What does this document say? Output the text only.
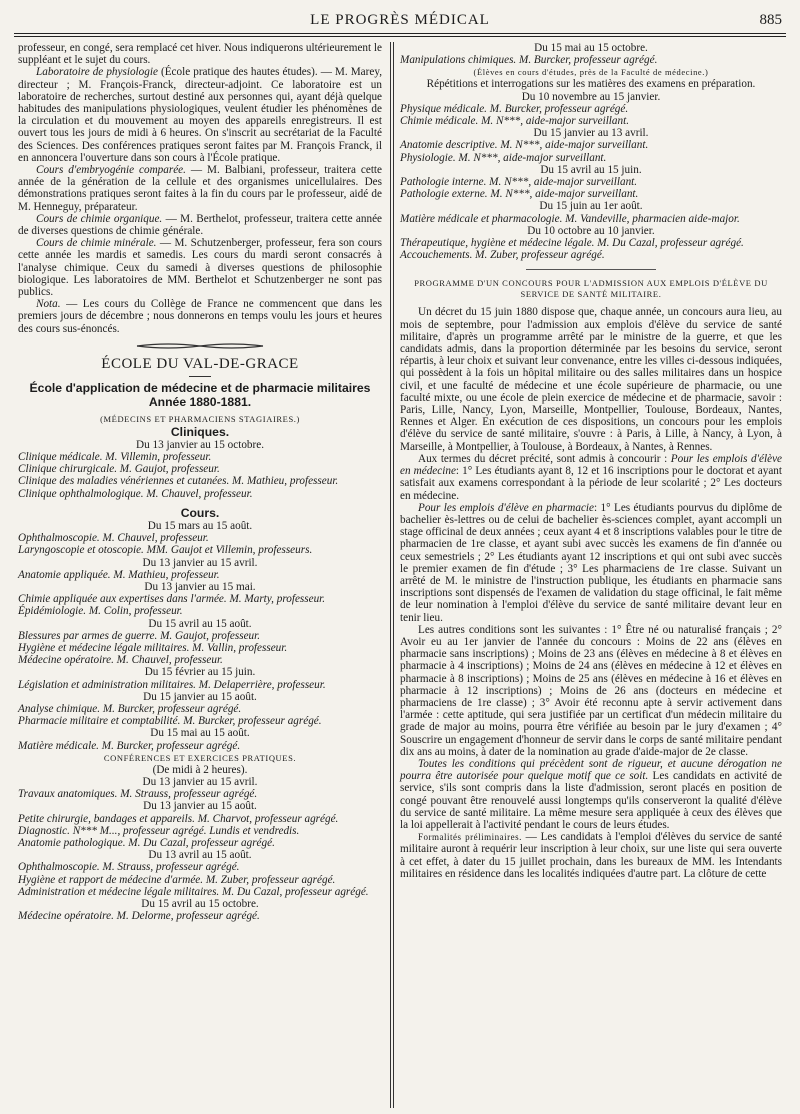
LE PROGRÈS MÉDICAL	885

professeur, en congé, sera remplacé cet hiver. Nous indiquerons ultérieurement le suppléant et le sujet du cours.

Laboratoire de physiologie (École pratique des hautes études). — M. Marey, directeur ; M. François-Franck, directeur-adjoint. Ce laboratoire est un laboratoire de recherches, surtout destiné aux personnes qui, ayant déjà quelque habitudes des manipulations physiologiques, veulent étudier les phénomènes de la circulation et du mouvement au moyen des appareils enregistreurs. Il est ouvert tous les jours de midi à 6 heures. On s'inscrit au secrétariat de la Faculté des Sciences. Des conférences pratiques seront faites par M. François Franck, il en annoncera l'ouverture dans son cours à l'École pratique.

Cours d'embryogénie comparée. — M. Balbiani, professeur, traitera cette année de la génération de la cellule et des organismes unicellulaires. Des démonstrations pratiques seront faites à la fin du cours par le professeur, aidé de M. Henneguy, préparateur.

Cours de chimie organique. — M. Berthelot, professeur, traitera cette année de diverses questions de chimie générale.

Cours de chimie minérale. — M. Schutzenberger, professeur, fera son cours cette année les mardis et samedis. Les cours du mardi seront consacrés à l'analyse chimique. Ceux du samedi à diverses questions de philosophie biologique. Les laboratoires de MM. Berthelot et Schutzenberger ne sont pas publics.

Nota. — Les cours du Collège de France ne commencent que dans les premiers jours de décembre ; nous donnerons en temps voulu les jours et heures des cours sus-énoncés.

ÉCOLE DU VAL-DE-GRACE

École d'application de médecine et de pharmacie militaires Année 1880-1881.

(MÉDECINS ET PHARMACIENS STAGIAIRES.)

Cliniques.

Du 13 janvier au 15 octobre.

Clinique médicale. M. Villemin, professeur.

Clinique chirurgicale. M. Gaujot, professeur.

Clinique des maladies vénériennes et cutanées. M. Mathieu, professeur.

Clinique ophthalmologique. M. Chauvel, professeur.

Cours.

Du 15 mars au 15 août.

Ophthalmoscopie. M. Chauvel, professeur.

Laryngoscopie et otoscopie. MM. Gaujot et Villemin, professeurs.

Du 13 janvier au 15 avril.

Anatomie appliquée. M. Mathieu, professeur.

Du 13 janvier au 15 mai.

Chimie appliquée aux expertises dans l'armée. M. Marty, professeur.

Épidémiologie. M. Colin, professeur.

Du 15 avril au 15 août.

Blessures par armes de guerre. M. Gaujot, professeur.

Hygiène et médecine légale militaires. M. Vallin, professeur.

Médecine opératoire. M. Chauvel, professeur.

Du 15 février au 15 juin.

Législation et administration militaires. M. Delaperrière, professeur.

Du 15 janvier au 15 août.

Analyse chimique. M. Burcker, professeur agrégé.

Pharmacie militaire et comptabilité. M. Burcker, professeur agrégé.

Du 15 mai au 15 août.

Matière médicale. M. Burcker, professeur agrégé.

CONFÉRENCES ET EXERCICES PRATIQUES.

(De midi à 2 heures).

Du 13 janvier au 15 avril.

Travaux anatomiques. M. Strauss, professeur agrégé.

Du 13 janvier au 15 août.

Petite chirurgie, bandages et appareils. M. Charvot, professeur agrégé.

Diagnostic. N*** M..., professeur agrégé. Lundis et vendredis.

Anatomie pathologique. M. Du Cazal, professeur agrégé.

Du 13 avril au 15 août.

Ophthalmoscopie. M. Strauss, professeur agrégé.

Hygiène et rapport de médecine d'armée. M. Zuber, professeur agrégé.

Administration et médecine légale militaires. M. Du Cazal, professeur agrégé.

Du 15 avril au 15 octobre.

Médecine opératoire. M. Delorme, professeur agrégé.

Du 15 mai au 15 octobre.

Manipulations chimiques. M. Burcker, professeur agrégé.

(Élèves en cours d'études, près de la Faculté de médecine.)

Répétitions et interrogations sur les matières des examens en préparation.

Du 10 novembre au 15 janvier.

Physique médicale. M. Burcker, professeur agrégé.

Chimie médicale. M. N***, aide-major surveillant.

Du 15 janvier au 13 avril.

Anatomie descriptive. M. N***, aide-major surveillant.

Physiologie. M. N***, aide-major surveillant.

Du 15 avril au 15 juin.

Pathologie interne. M. N***, aide-major surveillant.

Pathologie externe. M. N***, aide-major surveillant.

Du 15 juin au 1er août.

Matière médicale et pharmacologie. M. Vandeville, pharmacien aide-major.

Du 10 octobre au 10 janvier.

Thérapeutique, hygiène et médecine légale. M. Du Cazal, professeur agrégé.

Accouchements. M. Zuber, professeur agrégé.

PROGRAMME D'UN CONCOURS POUR L'ADMISSION AUX EMPLOIS D'ÉLÈVE DU SERVICE DE SANTÉ MILITAIRE.

Un décret du 15 juin 1880 dispose que, chaque année, un concours aura lieu, au mois de septembre, pour l'admission aux emplois d'élève du service de santé militaire, d'après un programme arrêté par le ministre de la guerre, et que les candidats admis, dans la proportion déterminée par les besoins du service, seront répartis, à leur choix et suivant leur convenance, entre les villes ci-dessous indiquées, qui possèdent à la fois un hôpital militaire ou des salles militaires dans un hospice civil, et une faculté de médecine et une école supérieure de pharmacie, ou une faculté mixte, ou une école de plein exercice de médecine et de pharmacie, savoir : Paris, Lille, Nancy, Lyon, Marseille, Montpellier, Toulouse, Bordeaux, Nantes, Rennes et Alger. En exécution de ces dispositions, un concours pour les emplois d'élève du service de santé militaire, s'ouvre : à Paris, à Lille, à Nancy, à Lyon, à Marseille, à Montpellier, à Toulouse, à Bordeaux, à Nantes, à Rennes.

Aux termes du décret précité, sont admis à concourir : Pour les emplois d'élève en médecine: 1° Les étudiants ayant 8, 12 et 16 inscriptions pour le doctorat et ayant satisfait aux examens correspondant à la période de leur scolarité ; 2° Les docteurs en médecine.

Pour les emplois d'élève en pharmacie: 1° Les étudiants pourvus du diplôme de bachelier ès-lettres ou de celui de bachelier ès-sciences complet, ayant accompli un stage officinal de deux années ; ceux ayant 4 et 8 inscriptions valables pour le titre de pharmacien de 1re classe, et ayant subi avec succès les examens de fin d'année ou ceux semestriels ; 2° Les étudiants ayant 12 inscriptions et qui ont subi avec succès le premier examen de fin d'étude ; 3° Les pharmaciens de 1re classe. Suivant un arrêté de M. le ministre de l'instruction publique, les étudiants en pharmacie sans inscriptions sont dispensés de l'examen de validation du stage officinal, le fait même de leur nomination à l'emploi d'élève du service de santé militaire devant leur en tenir lieu.

Les autres conditions sont les suivantes : 1° Être né ou naturalisé français ; 2° Avoir eu au 1er janvier de l'année du concours : Moins de 22 ans (élèves en pharmacie sans inscriptions) ; Moins de 23 ans (élèves en médecine à 8 et élèves en pharmacie à 4 inscriptions) ; Moins de 24 ans (élèves en médecine à 12 et élèves en pharmacie à 8 inscriptions) ; Moins de 25 ans (élèves en médecine à 16 et élèves en pharmacie à 12 inscriptions) ; Moins de 26 ans (docteurs en médecine et pharmaciens de 1re classe) ; 3° Avoir été reconnu apte à servir activement dans l'armée : cette aptitude, qui sera justifiée par un certificat d'un médecin militaire du grade de major au moins, pourra être vérifiée au besoin par le jury d'examen ; 4° Souscrire un engagement d'honneur de servir dans le corps de santé militaire pendant dix ans au moins, à dater de la nomination au grade d'aide-major de 2e classe.

Toutes les conditions qui précèdent sont de rigueur, et aucune dérogation ne pourra être autorisée pour quelque motif que ce soit. Les candidats en activité de service, s'ils sont compris dans la liste d'admission, seront placés en position de congé pouvant être renouvelé aussi longtemps qu'ils conserveront la qualité d'élève du service de santé militaire. La même mesure sera appliquée à ceux des élèves que la loi appellerait à l'activité pendant le cours de leurs études.

Formalités préliminaires. — Les candidats à l'emploi d'élèves du service de santé militaire auront à requérir leur inscription à leur choix, sur une liste qui sera ouverte à cet effet, à dater du 15 juillet prochain, dans les bureaux de MM. les Intendants militaires en résidence dans les localités indiquées d'autre part. La clôture de cette
